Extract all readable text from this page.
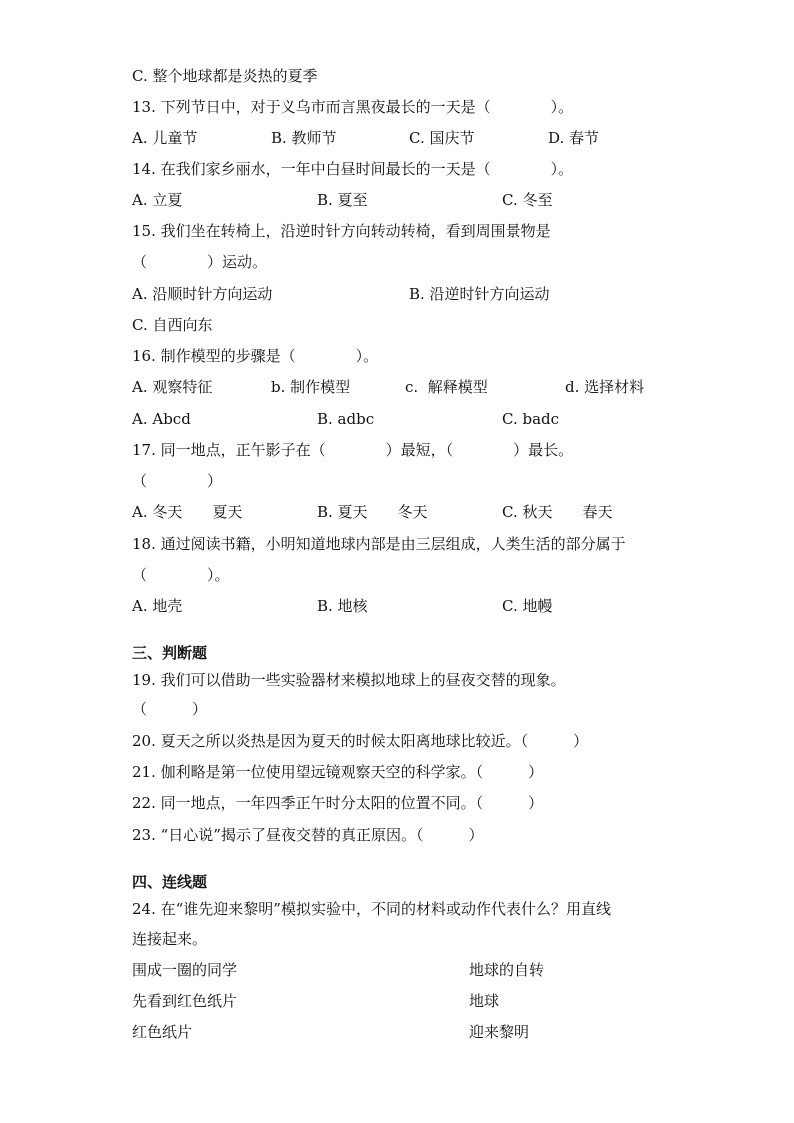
C. 整个地球都是炎热的夏季
13. 下列节日中，对于义乌市而言黑夜最长的一天是（　　　　）。
A. 儿童节	B. 教师节	C. 国庆节	D. 春节
14. 在我们家乡丽水，一年中白昼时间最长的一天是（　　　　）。
A. 立夏	B. 夏至	C. 冬至
15. 我们坐在转椅上，沿逆时针方向转动转椅，看到周围景物是
（　　　　）运动。
A. 沿顺时针方向运动	B. 沿逆时针方向运动
C. 自西向东
16. 制作模型的步骤是（　　　　）。
A. 观察特征	b. 制作模型	c.  解释模型	d. 选择材料
A. Abcd	B. adbc	C. badc
17. 同一地点，正午影子在（　　　　）最短，（　　　　）最长。
（　　　　）
A. 冬天　　夏天	B. 夏天　　冬天	C. 秋天　　春天
18. 通过阅读书籍，小明知道地球内部是由三层组成，人类生活的部分属于
（　　　　）。
A. 地壳	B. 地核	C. 地幔
三、判断题
19. 我们可以借助一些实验器材来模拟地球上的昼夜交替的现象。
（　　　）
20. 夏天之所以炎热是因为夏天的时候太阳离地球比较近。（　　　）
21. 伽利略是第一位使用望远镜观察天空的科学家。（　　　）
22. 同一地点，一年四季正午时分太阳的位置不同。（　　　）
23. “日心说”揭示了昼夜交替的真正原因。（　　　）
四、连线题
24. 在“谁先迎来黎明”模拟实验中，不同的材料或动作代表什么？用直线
连接起来。
围成一圈的同学	地球的自转
先看到红色纸片	地球
红色纸片	迎来黎明
